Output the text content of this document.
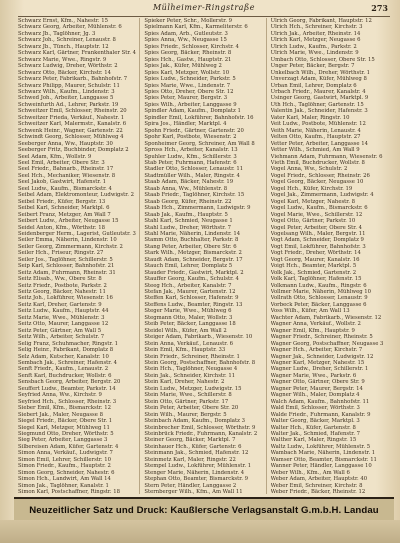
Mülheimer-Ringstraße	273
Schwarz Ernst, Kfm., Nahestr. 15
Schwarz Georg, Arbeiter, Mühlenstr. 6
Schwarz Jb., Taglöhner, Jg. 3
Schwarz Joh., Schreiner, Lenaustr. 8
Schwarz Jb., Tünch., Hauptstr. 12
Schwarz Karl, Gärtner, Frankenthaler Str. 4
Schwarz Marie, Wwe., Ringstr. 9
Schwarz Ludwig, Dreher, Wörthstr. 2
Schwarz Otto, Bäcker, Kirchstr. 14
Schwarz Peter, Fabrikarb., Bahnhofstr. 7
Schwarz Philipp, Maurer, Schulstr. 11
Schwarz Wilh., Kaufm., Lindenstr. 3
Schwed Joh., Arbeiter, Langgasse 5
Schweinfurth Ad., Lehrer, Parkstr. 19
Schweitzer Emil, Schlosser, Rheinstr. 20
Schweitzer Frieda, Verkäuf., Nahestr. 1
Schweitzer Karl, Malermstr., Kanalstr. 6
Schwenk Heinr., Wagner, Gartenstr. 22
Schwindt Georg, Schlosser, Mühlweg 4
Seeberger Anna, Ww., Hauptstr. 30
Seeberger Fritz, Buchbinder, Domplatz 2
Seel Adam, Kfm., Wollstr. 9
Seel Emil, Arbeiter, Obere Str. 3
Seel Friedr., Bahnarb., Rheinstr. 17
Seel Hch., Mechaniker, Wiesenstr. 8
Seel Jakob, Gastwirt, Hafenstr. 1
Seel Ludw., Kaufm., Bismarckstr. 4
Seibel Adam, Elektromonteur, Ludwigstr. 2
Seibel Friedr., Küfer, Bergstr. 13
Seibel Karl, Schneider, Marktpl. 6
Seibert Franz, Metzger, Am Wall 7
Seibert Ludw., Arbeiter, Neugasse 15
Seidel Anton, Kfm., Wörthstr. 18
Seidenberger Herm., Lagerist, Gutleutstr. 3
Seiler Emma, Näherin, Lindenstr. 10
Seiler Georg, Zimmermann, Kirchstr. 2
Seiler Hch., Friseur, Ringstr. 27
Seiler Jos., Taglöhner, Schillerstr. 5
Seip Karl, Schlosser, Bahnhofstr. 21
Seitz Adam, Fuhrmann, Rheinstr. 31
Seitz Elisab., Ww., Obere Str. 8
Seitz Friedr., Postbote, Parkstr. 2
Seitz Georg, Bäcker, Nahestr. 11
Seitz Joh., Lokführer, Wiesenstr. 16
Seitz Karl, Dreher, Gartenstr. 9
Seitz Ludw., Kaufm., Hauptstr. 44
Seitz Marie, Wwe., Mühlenstr. 3
Seitz Otto, Maurer, Langgasse 12
Seitz Peter, Gärtner, Am Wall 5
Seitz Wilh., Arbeiter, Schulstr. 7
Selig Franz, Schuhmacher, Ringstr. 1
Selig Heinr., Fabrikant, Domplatz 8
Selz Adam, Kutscher, Kanalstr. 10
Sembach Jak., Schreiner, Hafenstr. 4
Senft Friedr., Kaufm., Lenaustr. 2
Senft Karl, Buchdrucker, Wollstr. 6
Sensbach Georg, Arbeiter, Bergstr. 20
Seuffert Ludw., Beamter, Parkstr. 14
Seyfried Anna, Ww., Kirchstr. 9
Seyfried Hch., Schlosser, Rheinstr. 3
Sieber Emil, Kfm., Bismarckstr. 12
Siebert Jak., Maler, Neugasse 8
Siegel Friedr., Bäcker, Obere Str. 1
Siegel Karl, Metzger, Mühlweg 11
Siegmund Otto, Dreher, Wörthstr. 5
Sieg Peter, Arbeiter, Langgasse 3
Silbereisen Adam, Küfer, Gartenstr. 4
Simon Anna, Verkäuf., Ludwigstr. 7
Simon Emil, Lehrer, Schillerstr. 10
Simon Friedr., Kaufm., Hauptstr. 2
Simon Georg, Schneider, Nahestr. 6
Simon Hch., Landwirt, Am Wall 14
Simon Jak., Taglöhner, Kanalstr. 1
Simon Karl, Postschaffner, Ringstr. 18
Spieker Peter, Schr., Mollerstr. 9
Spielmann Karl, Kfm., Karmeliterstr. 6
Spies Adam, Arb., Gutleutstr. 3
Spies Anna, Ww., Neugasse 15
Spies Friedr., Schlosser, Kirchstr. 4
Spies Georg, Bäcker, Rheinstr. 8
Spies Hch., Gastw., Hauptstr. 21
Spies Jak., Küfer, Mühlweg 2
Spies Karl, Metzger, Wollstr. 10
Spies Ludw., Schneider, Parkstr. 5
Spies Marie, Wwe., Lindenstr. 7
Spies Otto, Dreher, Obere Str. 12
Spies Peter, Maurer, Bergstr. 3
Spies Wilh., Arbeiter, Langgasse 9
Spindler Adam, Kaufm., Domplatz 1
Spindler Emil, Lokführer, Bahnhofstr. 16
Spira Jos., Händler, Marktpl. 4
Spohn Friedr., Gärtner, Gartenstr. 20
Spohr Karl, Postbote, Wiesenstr. 2
Sponheimer Georg, Schreiner, Am Wall 8
Spross Hch., Arbeiter, Kanalstr. 13
Spuhler Ludw., Kfm., Schillerstr. 3
Stab Peter, Fuhrmann, Hafenstr. 6
Stadler Otto, Schlosser, Lenaustr. 11
Stadtmüller Wilh., Maler, Ringstr. 4
Staab Adam, Bäcker, Nahestr. 19
Staab Anna, Ww., Mühlenstr. 8
Staab Friedr., Taglöhner, Kirchstr. 15
Staab Georg, Küfer, Rheinstr. 22
Staab Hch., Zimmermann, Ludwigstr. 9
Staab Jak., Kaufm., Hauptstr. 5
Stahl Karl, Schmied, Neugasse 1
Stahl Ludw., Dreher, Wörthstr. 7
Stahl Marie, Näherin, Lindenstr. 14
Stamm Otto, Buchhalter, Parkstr. 8
Stang Peter, Arbeiter, Obere Str. 6
Stark Wilh., Metzger, Bismarckstr. 2
Staudt Adam, Schneider, Bergstr. 17
Stauch Emil, Lehrer, Domplatz 5
Stauder Friedr., Gastwirt, Marktpl. 2
Stauffer Georg, Kaufm., Schulstr. 4
Steeg Hch., Arbeiter, Kanalstr. 7
Stefan Jak., Maurer, Gartenstr. 12
Steffen Karl, Schlosser, Hafenstr. 9
Steffens Ludw., Beamter, Ringstr. 13
Steger Marie, Wwe., Mühlweg 6
Stegmann Otto, Maler, Wollstr. 3
Steib Peter, Bäcker, Langgasse 18
Steidel Wilh., Küfer, Am Wall 2
Steiger Adam, Fabrikarb., Wiesenstr. 10
Stein Anna, Verkäuf., Lenaustr. 6
Stein Emil, Kfm., Hauptstr. 33
Stein Friedr., Schreiner, Rheinstr. 1
Stein Georg, Postschaffner, Bahnhofstr. 8
Stein Hch., Taglöhner, Neugasse 4
Stein Jak., Schneider, Kirchstr. 11
Stein Karl, Dreher, Nahestr. 2
Stein Ludw., Metzger, Ludwigstr. 15
Stein Marie, Wwe., Schillerstr. 8
Stein Otto, Gärtner, Parkstr. 17
Stein Peter, Arbeiter, Obere Str. 20
Stein Wilh., Maurer, Bergstr. 5
Steinbach Adam, Kaufm., Domplatz 3
Steinbrecher Emil, Schlosser, Wörthstr. 9
Steinbrück Friedr., Fuhrmann, Kanalstr. 2
Steiner Georg, Bäcker, Marktpl. 7
Steinhauer Hch., Küfer, Gartenstr. 6
Steinmann Jak., Schmied, Hafenstr. 12
Steinmetz Karl, Maler, Ringstr. 22
Stempel Ludw., Lokführer, Mühlenstr. 1
Stenger Marie, Näherin, Lindenstr. 4
Stephan Otto, Beamter, Bismarckstr. 9
Stern Peter, Händler, Langgasse 2
Sternberger Wilh., Kfm., Am Wall 11
Ulrich Georg, Fabrikant, Hauptstr. 12
Ulrich Hch., Schreiner, Kirchstr. 3
Ulrich Jak., Arbeiter, Rheinstr. 14
Ulrich Karl, Metzger, Neugasse 6
Ulrich Ludw., Kaufm., Parkstr. 2
Ulrich Marie, Wwe., Lindenstr. 9
Umbach Otto, Schlosser, Obere Str. 15
Unger Peter, Bäcker, Bergstr. 7
Unkelbach Wilh., Dreher, Wörthstr. 1
Unverzagt Adam, Küfer, Mühlweg 8
Urban Emil, Lehrer, Domplatz 6
Urbach Friedr., Maurer, Kanalstr. 4
Usinger Georg, Gastwirt, Marktpl. 9
Uth Hch., Taglöhner, Gartenstr. 15
Valentin Jak., Schneider, Hafenstr. 3
Vater Karl, Maler, Ringstr. 10
Veit Ludw., Postbote, Mühlenstr. 12
Veith Marie, Näherin, Lenaustr. 4
Velten Otto, Kaufm., Hauptstr. 27
Vetter Peter, Arbeiter, Langgasse 14
Vetter Wilh., Schmied, Am Wall 9
Viehmann Adam, Fuhrmann, Wiesenstr. 6
Vieth Emil, Buchdrucker, Wollstr. 8
Vogel Anna, Ww., Schulstr. 2
Vogel Friedr., Schlosser, Rheinstr. 26
Vogel Georg, Bäcker, Neugasse 10
Vogel Hch., Küfer, Kirchstr. 19
Vogel Jak., Zimmermann, Ludwigstr. 4
Vogel Karl, Metzger, Nahestr. 8
Vogel Ludw., Kaufm., Bismarckstr. 6
Vogel Marie, Wwe., Schillerstr. 12
Vogel Otto, Gärtner, Parkstr. 10
Vogel Peter, Arbeiter, Obere Str. 4
Vogelsang Wilh., Maler, Bergstr. 11
Vogt Adam, Schneider, Domplatz 9
Vogt Emil, Lokführer, Bahnhofstr. 3
Vogt Friedr., Dreher, Wörthstr. 14
Vogt Georg, Maurer, Kanalstr. 16
Voigt Hch., Beamter, Marktpl. 5
Volk Jak., Schmied, Gartenstr. 2
Volk Karl, Taglöhner, Hafenstr. 15
Volkmann Ludw., Kaufm., Ringstr. 6
Vollmer Marie, Näherin, Mühlweg 10
Vollrath Otto, Schlosser, Lenaustr. 9
Vorbeck Peter, Bäcker, Langgasse 6
Voss Wilh., Küfer, Am Wall 13
Wachter Adam, Fabrikarb., Wiesenstr. 12
Wagner Anna, Verkäuf., Wollstr. 2
Wagner Emil, Kfm., Hauptstr. 9
Wagner Friedr., Schreiner, Rheinstr. 5
Wagner Georg, Postschaffner, Neugasse 3
Wagner Hch., Arbeiter, Kirchstr. 7
Wagner Jak., Schneider, Ludwigstr. 12
Wagner Karl, Metzger, Nahestr. 15
Wagner Ludw., Dreher, Schillerstr. 1
Wagner Marie, Wwe., Parkstr. 6
Wagner Otto, Gärtner, Obere Str. 9
Wagner Peter, Maurer, Bergstr. 14
Wagner Wilh., Maler, Domplatz 4
Walch Adam, Kaufm., Bahnhofstr. 11
Wald Emil, Schlosser, Wörthstr. 3
Walde Friedr., Fuhrmann, Kanalstr. 9
Walter Georg, Bäcker, Marktpl. 3
Walter Hch., Küfer, Gartenstr. 8
Walter Jak., Schmied, Hafenstr. 7
Walther Karl, Maler, Ringstr. 15
Waltz Ludw., Lokführer, Mühlenstr. 5
Wambach Marie, Näherin, Lindenstr. 1
Wamser Otto, Beamter, Bismarckstr. 11
Wanner Peter, Händler, Langgasse 10
Weber Wilh., Kfm., Am Wall 6
Weber Adam, Arbeiter, Hauptstr. 40
Weber Emil, Schreiner, Kirchstr. 8
Weber Friedr., Bäcker, Rheinstr. 12
Neuzeitlicher Satz und Druck: Kaußlersche Verlagsanstalt G.m.b.H. Landau
